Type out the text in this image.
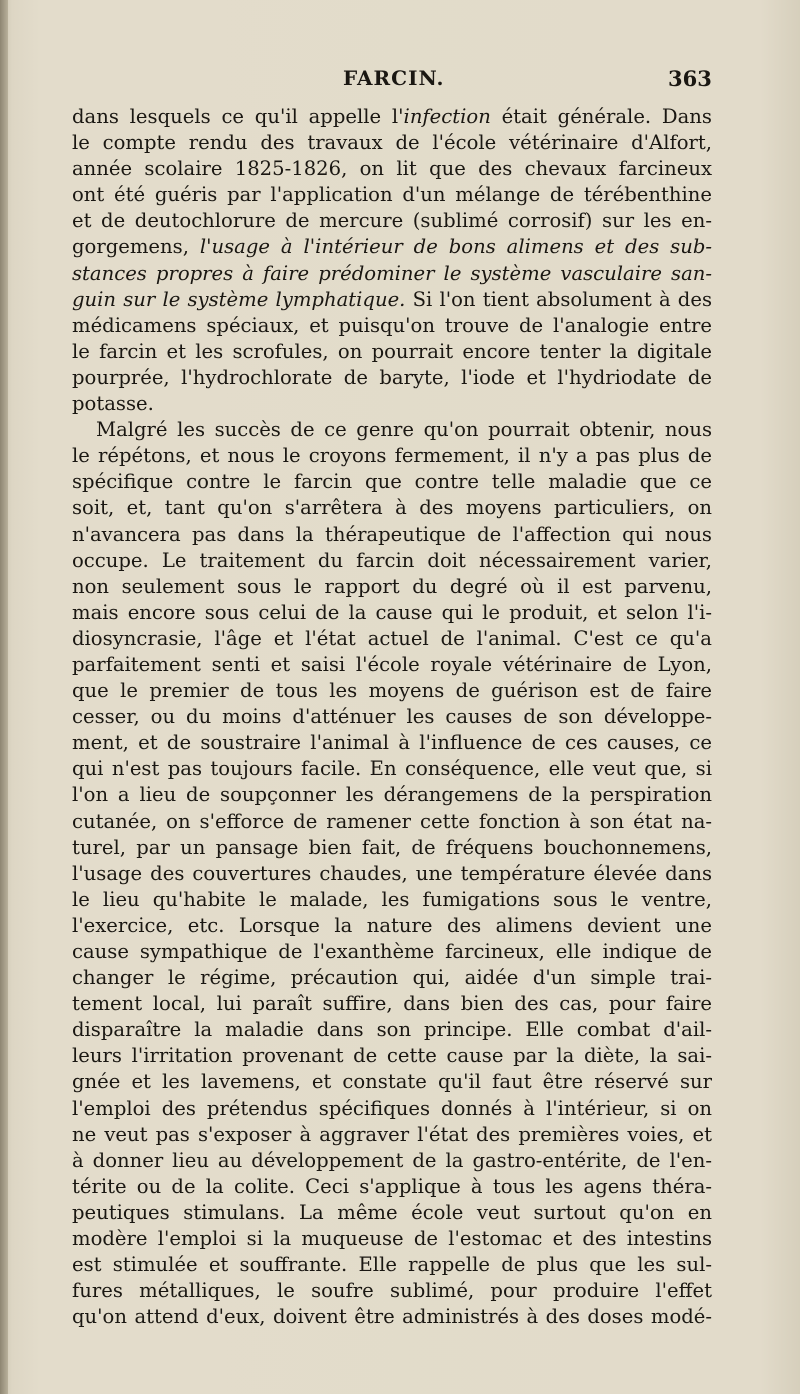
FARCIN.	363
dans lesquels ce qu'il appelle l'infection était générale. Dans
le compte rendu des travaux de l'école vétérinaire d'Alfort,
année scolaire 1825-1826, on lit que des chevaux farcineux
ont été guéris par l'application d'un mélange de térébenthine
et de deutochlorure de mercure (sublimé corrosif) sur les en-
gorgemens, l'usage à l'intérieur de bons alimens et des sub-
stances propres à faire prédominer le système vasculaire san-
guin sur le système lymphatique. Si l'on tient absolument à des
médicamens spéciaux, et puisqu'on trouve de l'analogie entre
le farcin et les scrofules, on pourrait encore tenter la digitale
pourprée, l'hydrochlorate de baryte, l'iode et l'hydriodate de
potasse.
Malgré les succès de ce genre qu'on pourrait obtenir, nous
le répétons, et nous le croyons fermement, il n'y a pas plus de
spécifique contre le farcin que contre telle maladie que ce
soit, et, tant qu'on s'arrêtera à des moyens particuliers, on
n'avancera pas dans la thérapeutique de l'affection qui nous
occupe. Le traitement du farcin doit nécessairement varier,
non seulement sous le rapport du degré où il est parvenu,
mais encore sous celui de la cause qui le produit, et selon l'i-
diosyncrasie, l'âge et l'état actuel de l'animal. C'est ce qu'a
parfaitement senti et saisi l'école royale vétérinaire de Lyon,
que le premier de tous les moyens de guérison est de faire
cesser, ou du moins d'atténuer les causes de son développe-
ment, et de soustraire l'animal à l'influence de ces causes, ce
qui n'est pas toujours facile. En conséquence, elle veut que, si
l'on a lieu de soupçonner les dérangemens de la perspiration
cutanée, on s'efforce de ramener cette fonction à son état na-
turel, par un pansage bien fait, de fréquens bouchonnemens,
l'usage des couvertures chaudes, une température élevée dans
le lieu qu'habite le malade, les fumigations sous le ventre,
l'exercice, etc. Lorsque la nature des alimens devient une
cause sympathique de l'exanthème farcineux, elle indique de
changer le régime, précaution qui, aidée d'un simple trai-
tement local, lui paraît suffire, dans bien des cas, pour faire
disparaître la maladie dans son principe. Elle combat d'ail-
leurs l'irritation provenant de cette cause par la diète, la sai-
gnée et les lavemens, et constate qu'il faut être réservé sur
l'emploi des prétendus spécifiques donnés à l'intérieur, si on
ne veut pas s'exposer à aggraver l'état des premières voies, et
à donner lieu au développement de la gastro-entérite, de l'en-
térite ou de la colite. Ceci s'applique à tous les agens théra-
peutiques stimulans. La même école veut surtout qu'on en
modère l'emploi si la muqueuse de l'estomac et des intestins
est stimulée et souffrante. Elle rappelle de plus que les sul-
fures métalliques, le soufre sublimé, pour produire l'effet
qu'on attend d'eux, doivent être administrés à des doses modé-
